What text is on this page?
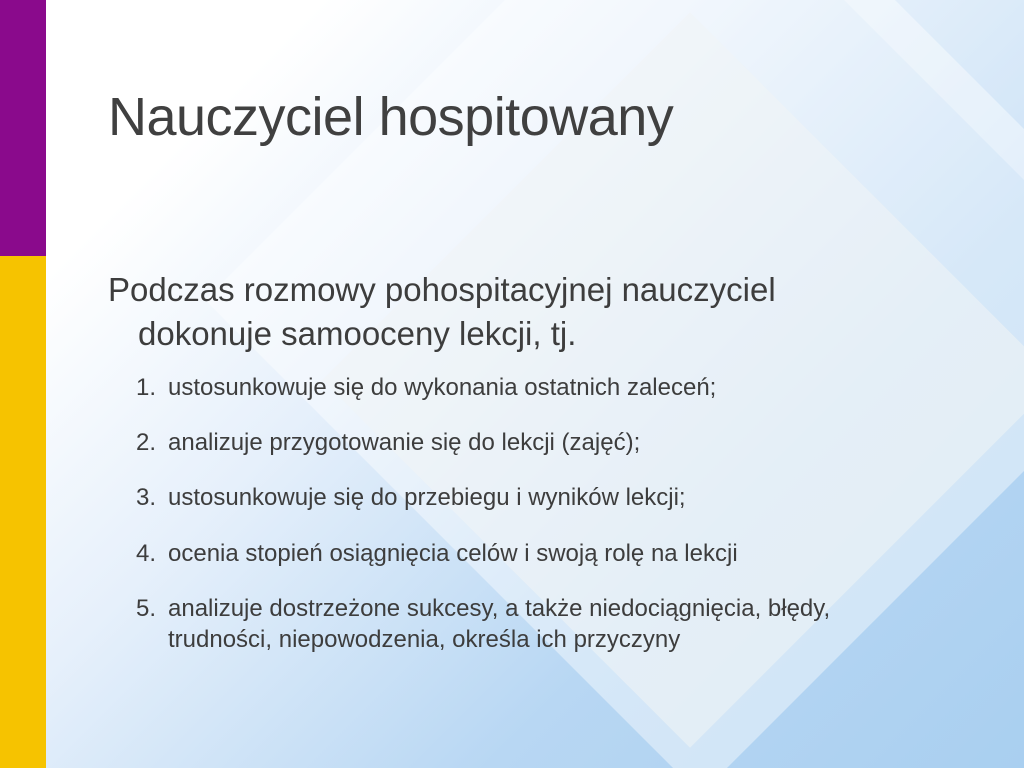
Nauczyciel hospitowany
Podczas rozmowy pohospitacyjnej nauczyciel
dokonuje samooceny lekcji, tj.
1. ustosunkowuje się do wykonania ostatnich zaleceń;
2. analizuje przygotowanie się do lekcji (zajęć);
3. ustosunkowuje się do przebiegu i wyników lekcji;
4. ocenia stopień osiągnięcia celów i swoją rolę na lekcji
5. analizuje dostrzeżone sukcesy, a także niedociągnięcia, błędy, trudności, niepowodzenia, określa ich przyczyny
